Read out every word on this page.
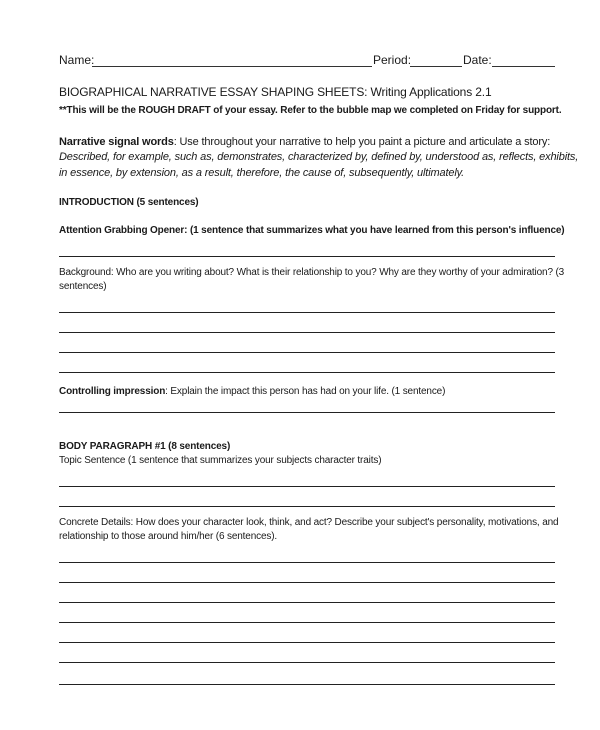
Name:	Period:	Date:
BIOGRAPHICAL NARRATIVE ESSAY SHAPING SHEETS: Writing Applications 2.1
**This will be the ROUGH DRAFT of your essay. Refer to the bubble map we completed on Friday for support.
Narrative signal words: Use throughout your narrative to help you paint a picture and articulate a story:
Described, for example, such as, demonstrates, characterized by, defined by, understood as, reflects, exhibits,
in essence, by extension, as a result, therefore, the cause of, subsequently, ultimately.
INTRODUCTION (5 sentences)
Attention Grabbing Opener: (1 sentence that summarizes what you have learned from this person's influence)
Background: Who are you writing about? What is their relationship to you? Why are they worthy of your admiration? (3
sentences)
Controlling impression: Explain the impact this person has had on your life. (1 sentence)
BODY PARAGRAPH #1 (8 sentences)
Topic Sentence (1 sentence that summarizes your subjects character traits)
Concrete Details: How does your character look, think, and act? Describe your subject's personality, motivations, and
relationship to those around him/her (6 sentences).
